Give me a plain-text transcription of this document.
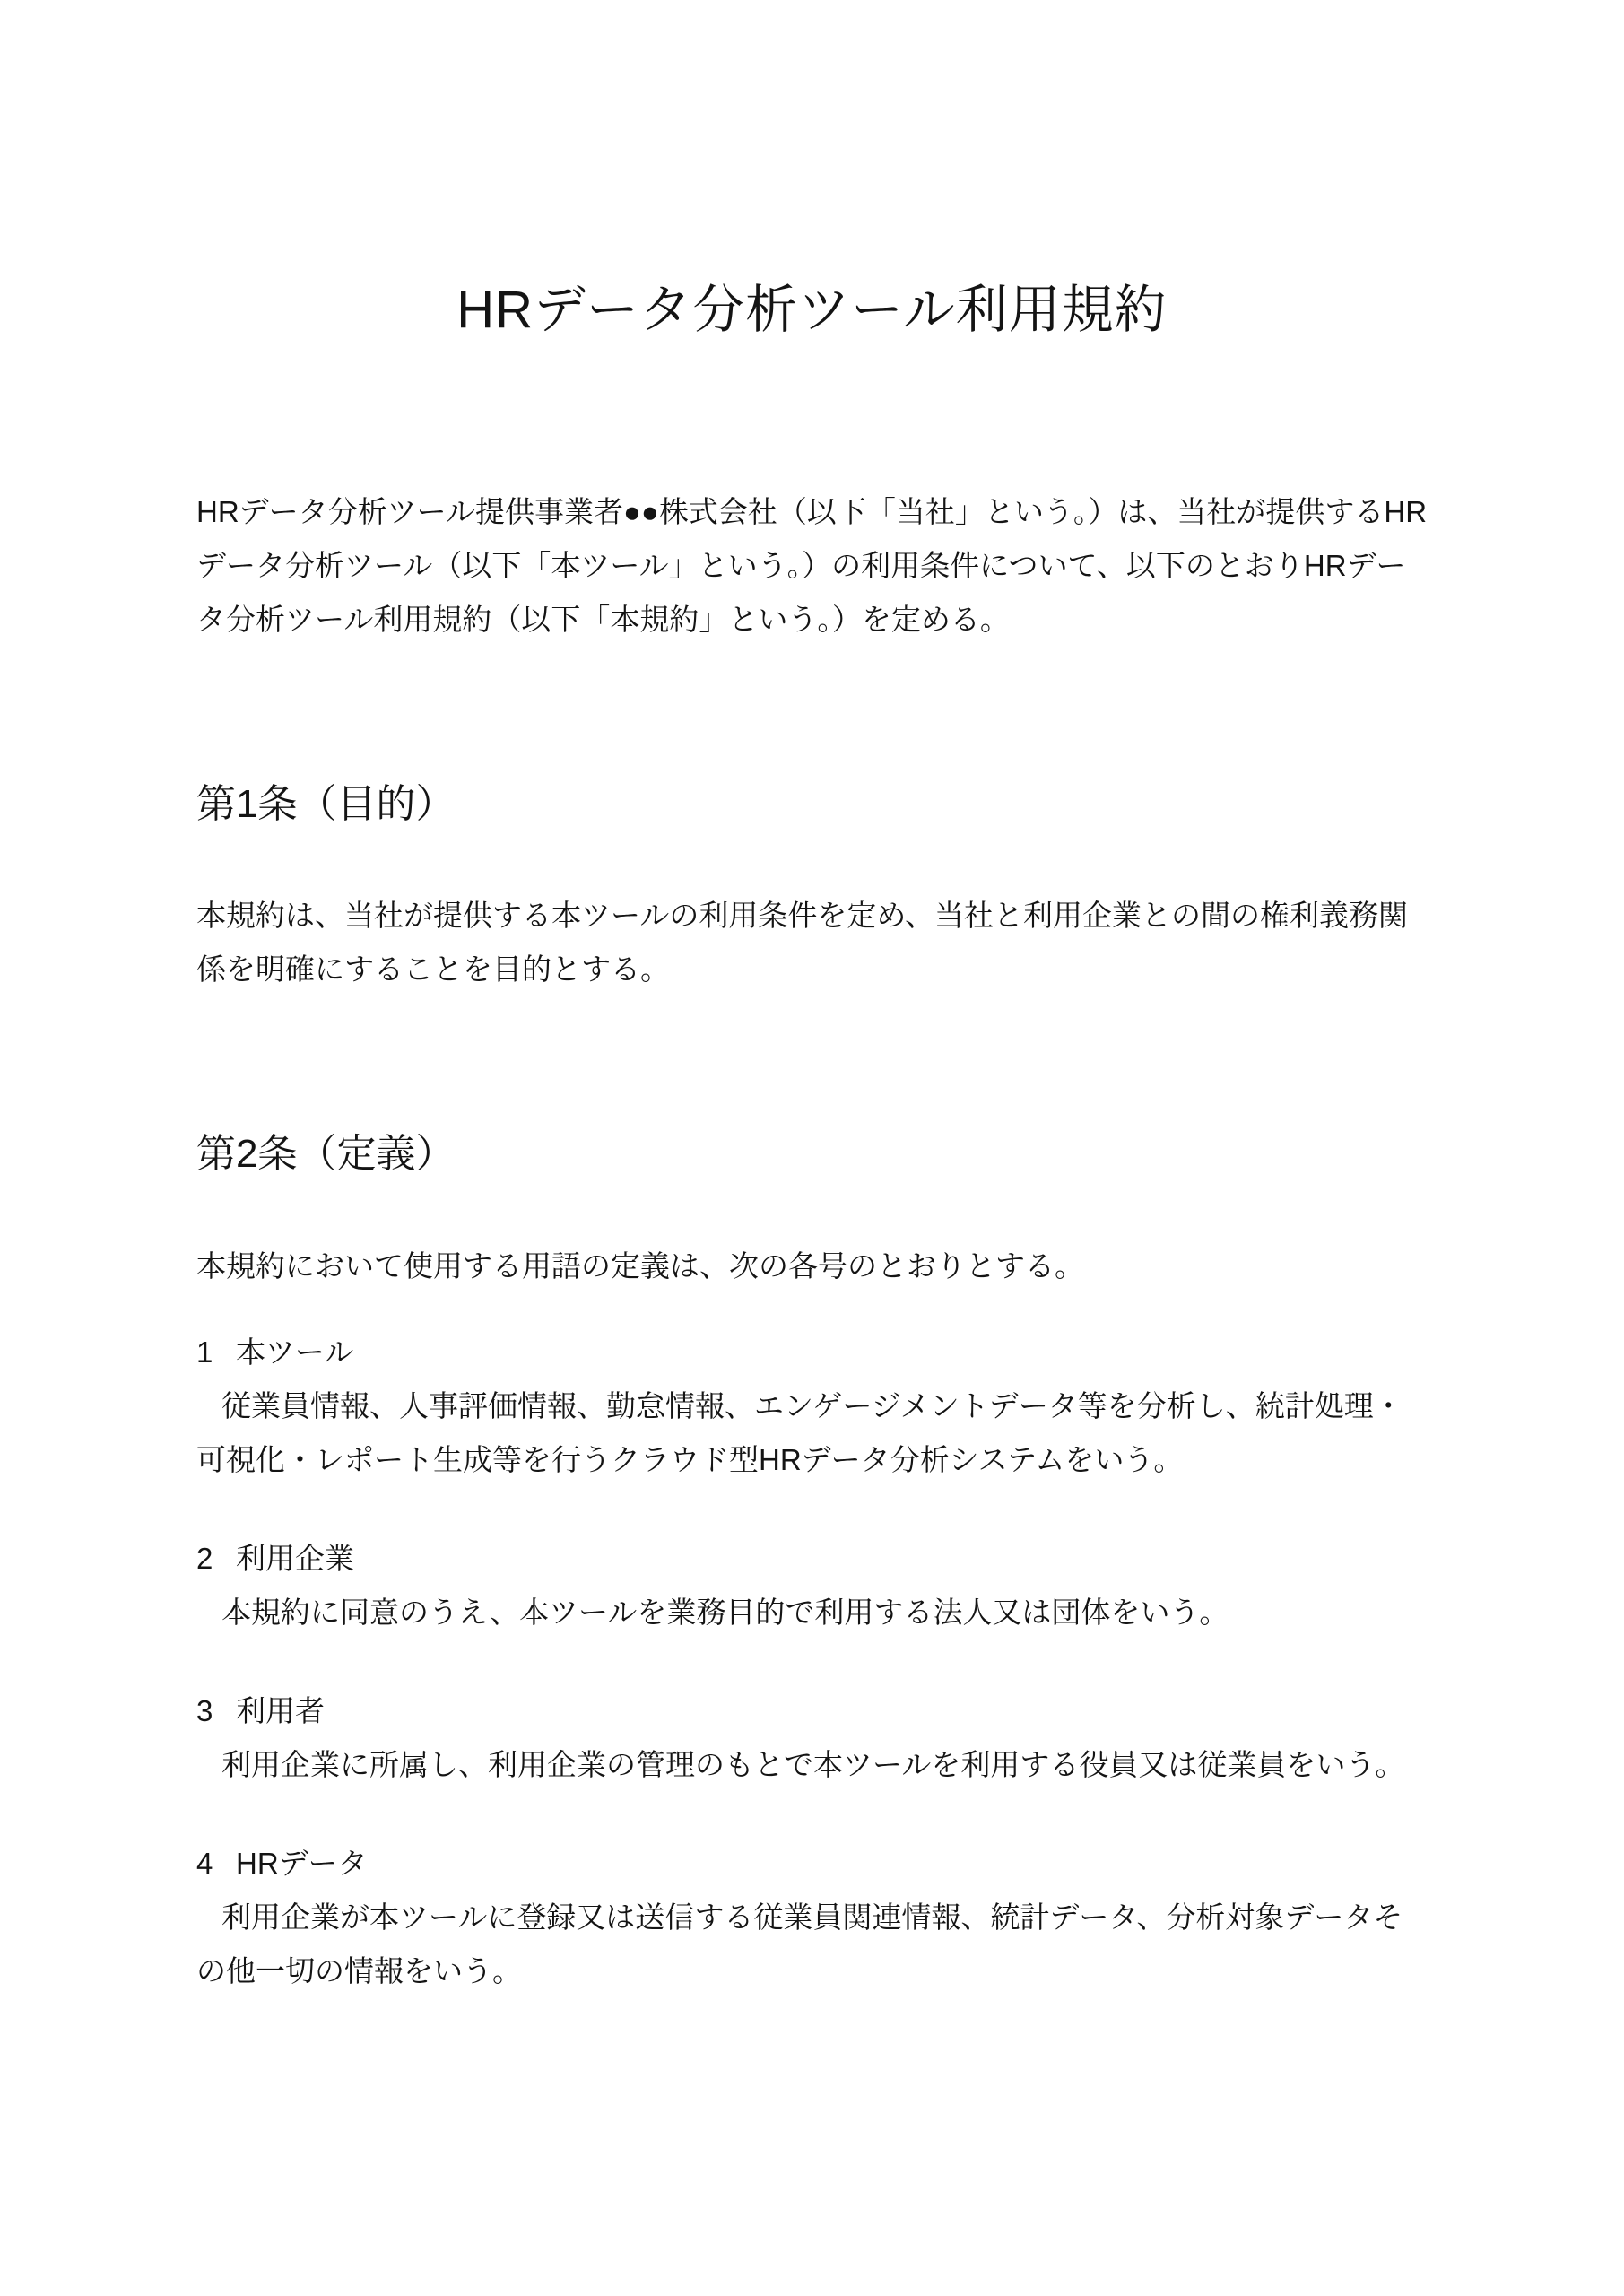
HRデータ分析ツール利用規約

HRデータ分析ツール提供事業者●●株式会社（以下「当社」という。）は、当社が提供するHRデータ分析ツール（以下「本ツール」という。）の利用条件について、以下のとおりHRデータ分析ツール利用規約（以下「本規約」という。）を定める。

第1条（目的）

本規約は、当社が提供する本ツールの利用条件を定め、当社と利用企業との間の権利義務関係を明確にすることを目的とする。

第2条（定義）

本規約において使用する用語の定義は、次の各号のとおりとする。

1 本ツール

従業員情報、人事評価情報、勤怠情報、エンゲージメントデータ等を分析し、統計処理・可視化・レポート生成等を行うクラウド型HRデータ分析システムをいう。

2 利用企業

本規約に同意のうえ、本ツールを業務目的で利用する法人又は団体をいう。

3 利用者

利用企業に所属し、利用企業の管理のもとで本ツールを利用する役員又は従業員をいう。

4 HRデータ

利用企業が本ツールに登録又は送信する従業員関連情報、統計データ、分析対象データその他一切の情報をいう。
